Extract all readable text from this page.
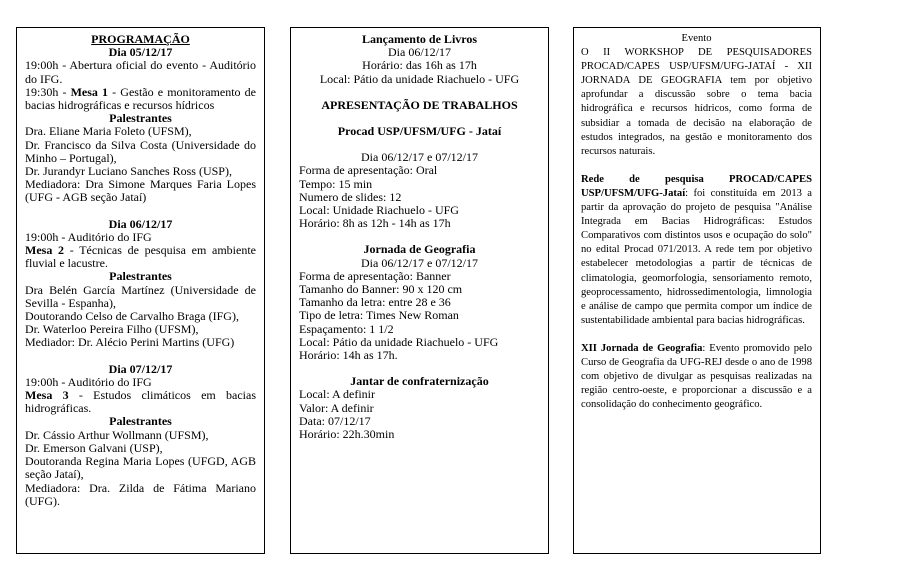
PROGRAMAÇÃO

Dia 05/12/17

19:00h - Abertura oficial do evento - Auditório do IFG.

19:30h - Mesa 1 - Gestão e monitoramento de bacias hidrográficas e recursos hídricos

Palestrantes

Dra. Eliane Maria Foleto (UFSM),

Dr. Francisco da Silva Costa (Universidade do Minho – Portugal),

Dr. Jurandyr Luciano Sanches Ross (USP),

Mediadora: Dra Simone Marques Faria Lopes (UFG - AGB seção Jataí)

Dia 06/12/17

19:00h - Auditório do IFG

Mesa 2 - Técnicas de pesquisa em ambiente fluvial e lacustre.

Palestrantes

Dra Belén García Martínez (Universidade de Sevilla - Espanha),

Doutorando Celso de Carvalho Braga (IFG),

Dr. Waterloo Pereira Filho (UFSM),

Mediador: Dr. Alécio Perini Martins (UFG)

Dia 07/12/17

19:00h - Auditório do IFG

Mesa 3 - Estudos climáticos em bacias hidrográficas.

Palestrantes

Dr. Cássio Arthur Wollmann (UFSM),

Dr. Emerson Galvani (USP),

Doutoranda Regina Maria Lopes (UFGD, AGB seção Jataí),

Mediadora: Dra. Zilda de Fátima Mariano (UFG).

Lançamento de Livros

Dia 06/12/17

Horário: das 16h as 17h

Local: Pátio da unidade Riachuelo - UFG

APRESENTAÇÃO DE TRABALHOS

Procad USP/UFSM/UFG - Jataí

Dia 06/12/17 e 07/12/17

Forma de apresentação: Oral

Tempo: 15 min

Numero de slides: 12

Local: Unidade Riachuelo - UFG

Horário: 8h as 12h - 14h as 17h

Jornada de Geografia

Dia 06/12/17 e 07/12/17

Forma de apresentação: Banner

Tamanho do Banner: 90 x 120 cm

Tamanho da letra: entre 28 e 36

Tipo de letra: Times New Roman

Espaçamento: 1 1/2

Local: Pátio da unidade Riachuelo - UFG

Horário: 14h as 17h.

Jantar de confraternização

Local: A definir

Valor: A definir

Data: 07/12/17

Horário: 22h.30min

Evento

O II WORKSHOP DE PESQUISADORES PROCAD/CAPES USP/UFSM/UFG-JATAÍ - XII JORNADA DE GEOGRAFIA tem por objetivo aprofundar a discussão sobre o tema bacia hidrográfica e recursos hídricos, como forma de subsidiar a tomada de decisão na elaboração de estudos integrados, na gestão e monitoramento dos recursos naturais.

Rede de pesquisa PROCAD/CAPES USP/UFSM/UFG-Jataí: foi constituída em 2013 a partir da aprovação do projeto de pesquisa "Análise Integrada em Bacias Hidrográficas: Estudos Comparativos com distintos usos e ocupação do solo" no edital Procad 071/2013. A rede tem por objetivo estabelecer metodologias a partir de técnicas de climatologia, geomorfologia, sensoriamento remoto, geoprocessamento, hidrossedimentologia, limnologia e análise de campo que permita compor um índice de sustentabilidade ambiental para bacias hidrográficas.

XII Jornada de Geografia: Evento promovido pelo Curso de Geografia da UFG-REJ desde o ano de 1998 com objetivo de divulgar as pesquisas realizadas na região centro-oeste, e proporcionar a discussão e a consolidação do conhecimento geográfico.
